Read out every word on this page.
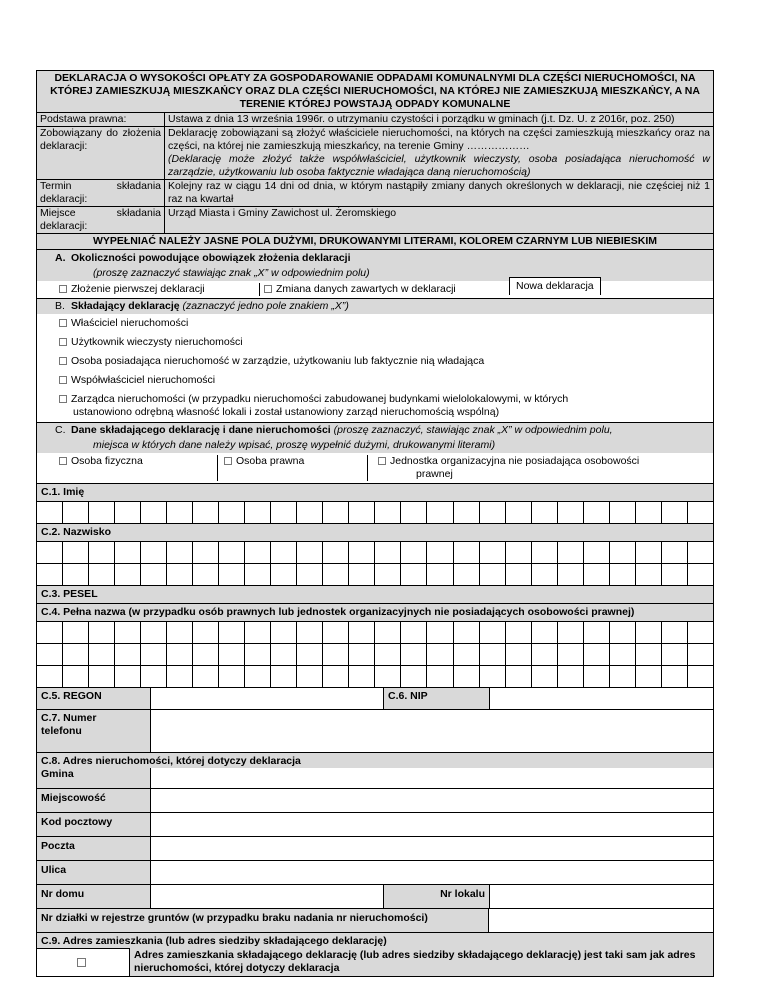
DEKLARACJA O WYSOKOŚCI OPŁATY ZA GOSPODAROWANIE ODPADAMI KOMUNALNYMI DLA CZĘŚCI NIERUCHOMOŚCI, NA KTÓREJ ZAMIESZKUJĄ MIESZKAŃCY ORAZ DLA CZĘŚCI NIERUCHOMOŚCI, NA KTÓREJ NIE ZAMIESZKUJĄ MIESZKAŃCY, A NA TERENIE KTÓREJ POWSTAJĄ ODPADY KOMUNALNE
Podstawa prawna:	Ustawa z dnia 13 września 1996r. o utrzymaniu czystości i porządku w gminach (j.t. Dz. U. z 2016r, poz. 250)
Zobowiązany do złożenia deklaracji:
Deklarację zobowiązani są złożyć właściciele nieruchomości, na których na części zamieszkują mieszkańcy oraz na części, na której nie zamieszkują mieszkańcy, na terenie Gminy ………………
(Deklarację może złożyć także współwłaściciel, użytkownik wieczysty, osoba posiadająca nieruchomość w zarządzie, użytkowaniu lub osoba faktycznie władająca daną nieruchomością)
Termin składania deklaracji:
Kolejny raz w ciągu 14 dni od dnia, w którym nastąpiły zmiany danych określonych w deklaracji, nie częściej niż 1 raz na kwartał
Miejsce składania deklaracji:
Urząd Miasta i Gminy Zawichost ul. Żeromskiego
WYPEŁNIAĆ NALEŻY JASNE POLA DUŻYMI, DRUKOWANYMI LITERAMI, KOLOREM CZARNYM LUB NIEBIESKIM
A. Okoliczności powodujące obowiązek złożenia deklaracji
(proszę zaznaczyć stawiając znak „X” w odpowiednim polu)
Złożenie pierwszej deklaracji	Zmiana danych zawartych w deklaracji	Nowa deklaracja
B. Składający deklarację (zaznaczyć jedno pole znakiem „X”)
Właściciel nieruchomości
Użytkownik wieczysty nieruchomości
Osoba posiadająca nieruchomość w zarządzie, użytkowaniu lub faktycznie nią władająca
Współwłaściciel nieruchomości
Zarządca nieruchomości (w przypadku nieruchomości zabudowanej budynkami wielolokalowymi, w których
ustanowiono odrębną własność lokali i został ustanowiony zarząd nieruchomością wspólną)
C. Dane składającego deklarację i dane nieruchomości (proszę zaznaczyć, stawiając znak „X” w odpowiednim polu,
miejsca w których dane należy wpisać, proszę wypełnić dużymi, drukowanymi literami)
Osoba fizyczna	Osoba prawna	Jednostka organizacyjna nie posiadająca osobowości
prawnej
C.1. Imię
C.2. Nazwisko
C.3. PESEL
C.4. Pełna nazwa (w przypadku osób prawnych lub jednostek organizacyjnych nie posiadających osobowości prawnej)
C.5. REGON	C.6. NIP
C.7. Numer
telefonu
C.8. Adres nieruchomości, której dotyczy deklaracja
Gmina
Miejscowość
Kod pocztowy
Poczta
Ulica
Nr domu	Nr lokalu
Nr działki w rejestrze gruntów (w przypadku braku nadania nr nieruchomości)
C.9. Adres zamieszkania (lub adres siedziby składającego deklarację)
Adres zamieszkania składającego deklarację (lub adres siedziby składającego deklarację) jest taki sam jak adres nieruchomości, której dotyczy deklaracja
